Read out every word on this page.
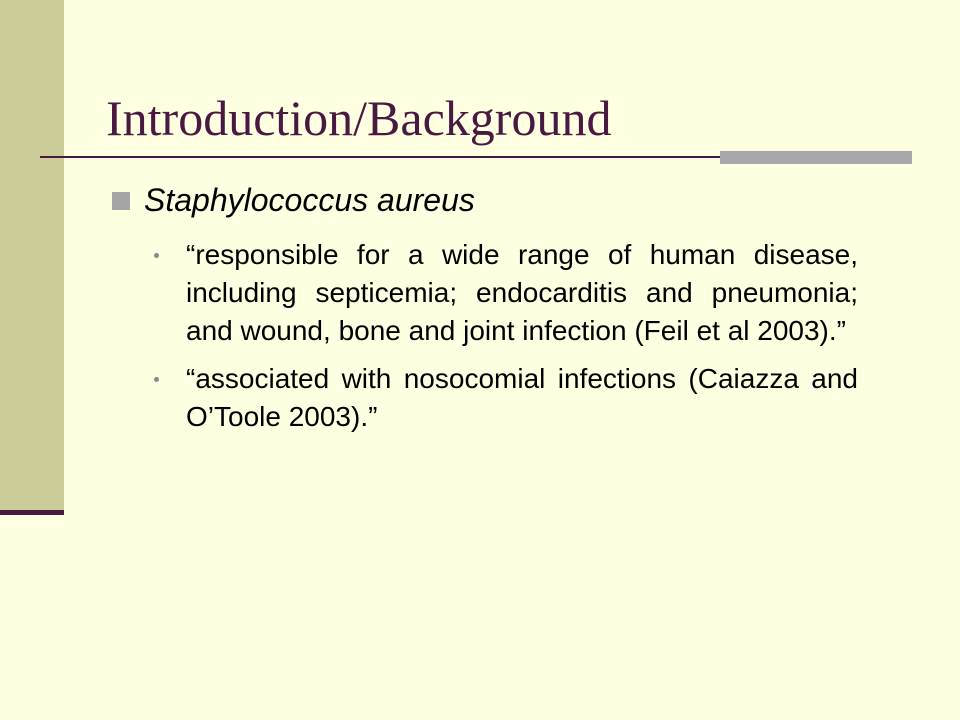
Introduction/Background
Staphylococcus aureus
“responsible for a wide range of human disease, including septicemia; endocarditis and pneumonia; and wound, bone and joint infection (Feil et al 2003).”
“associated with nosocomial infections (Caiazza and O’Toole 2003).”
